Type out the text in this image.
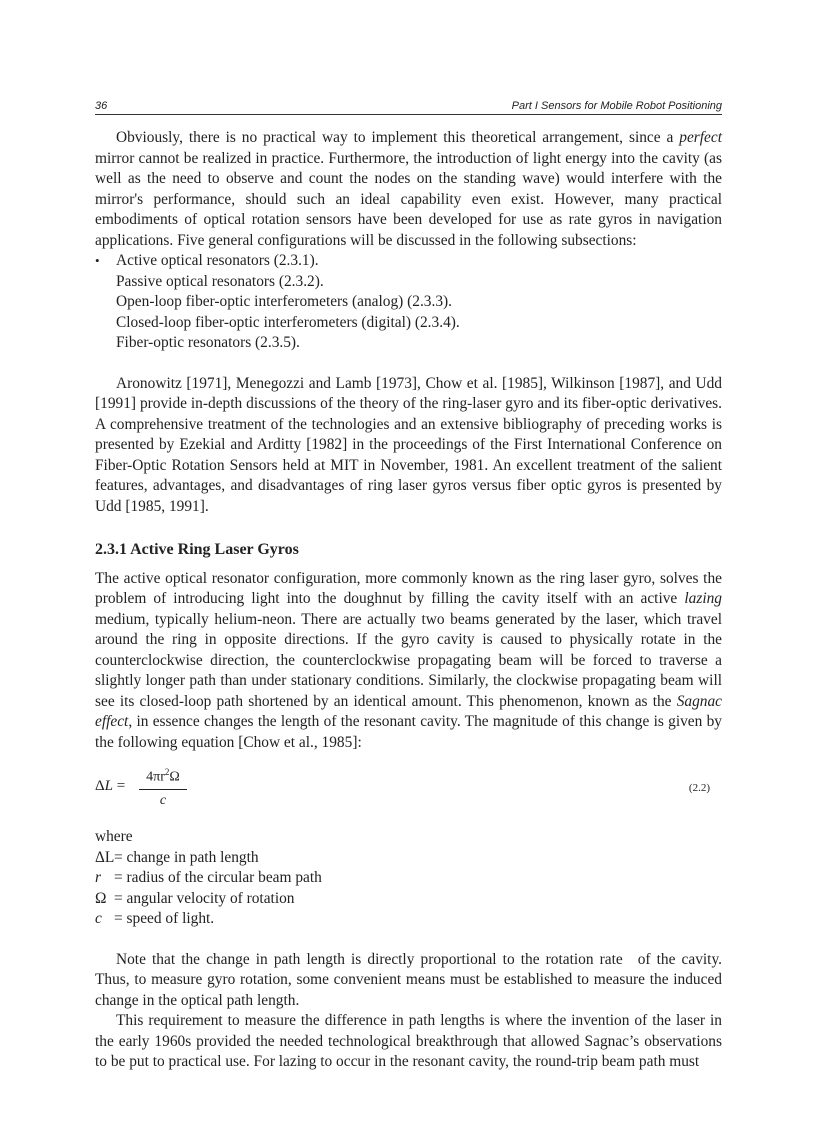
36	Part I Sensors for Mobile Robot Positioning

Obviously, there is no practical way to implement this theoretical arrangement, since a perfect mirror cannot be realized in practice. Furthermore, the introduction of light energy into the cavity (as well as the need to observe and count the nodes on the standing wave) would interfere with the mirror's performance, should such an ideal capability even exist. However, many practical embodiments of optical rotation sensors have been developed for use as rate gyros in navigation applications. Five general configurations will be discussed in the following subsections:

• Active optical resonators (2.3.1).
Passive optical resonators (2.3.2).
Open-loop fiber-optic interferometers (analog) (2.3.3).
Closed-loop fiber-optic interferometers (digital) (2.3.4).
Fiber-optic resonators (2.3.5).

Aronowitz [1971], Menegozzi and Lamb [1973], Chow et al. [1985], Wilkinson [1987], and Udd [1991] provide in-depth discussions of the theory of the ring-laser gyro and its fiber-optic derivatives. A comprehensive treatment of the technologies and an extensive bibliography of preceding works is presented by Ezekial and Arditty [1982] in the proceedings of the First International Conference on Fiber-Optic Rotation Sensors held at MIT in November, 1981. An excellent treatment of the salient features, advantages, and disadvantages of ring laser gyros versus fiber optic gyros is presented by Udd [1985, 1991].

2.3.1 Active Ring Laser Gyros

The active optical resonator configuration, more commonly known as the ring laser gyro, solves the problem of introducing light into the doughnut by filling the cavity itself with an active lazing medium, typically helium-neon. There are actually two beams generated by the laser, which travel around the ring in opposite directions. If the gyro cavity is caused to physically rotate in the counterclockwise direction, the counterclockwise propagating beam will be forced to traverse a slightly longer path than under stationary conditions. Similarly, the clockwise propagating beam will see its closed-loop path shortened by an identical amount. This phenomenon, known as the Sagnac effect, in essence changes the length of the resonant cavity. The magnitude of this change is given by the following equation [Chow et al., 1985]:

$\Delta L = \frac{4\pi r^2\Omega}{c}$	(2.2)
where
ΔL = change in path length
r = radius of the circular beam path
Ω = angular velocity of rotation
c = speed of light.

Note that the change in path length is directly proportional to the rotation rate of the cavity. Thus, to measure gyro rotation, some convenient means must be established to measure the induced change in the optical path length.

This requirement to measure the difference in path lengths is where the invention of the laser in the early 1960s provided the needed technological breakthrough that allowed Sagnac’s observations to be put to practical use. For lazing to occur in the resonant cavity, the round-trip beam path must
